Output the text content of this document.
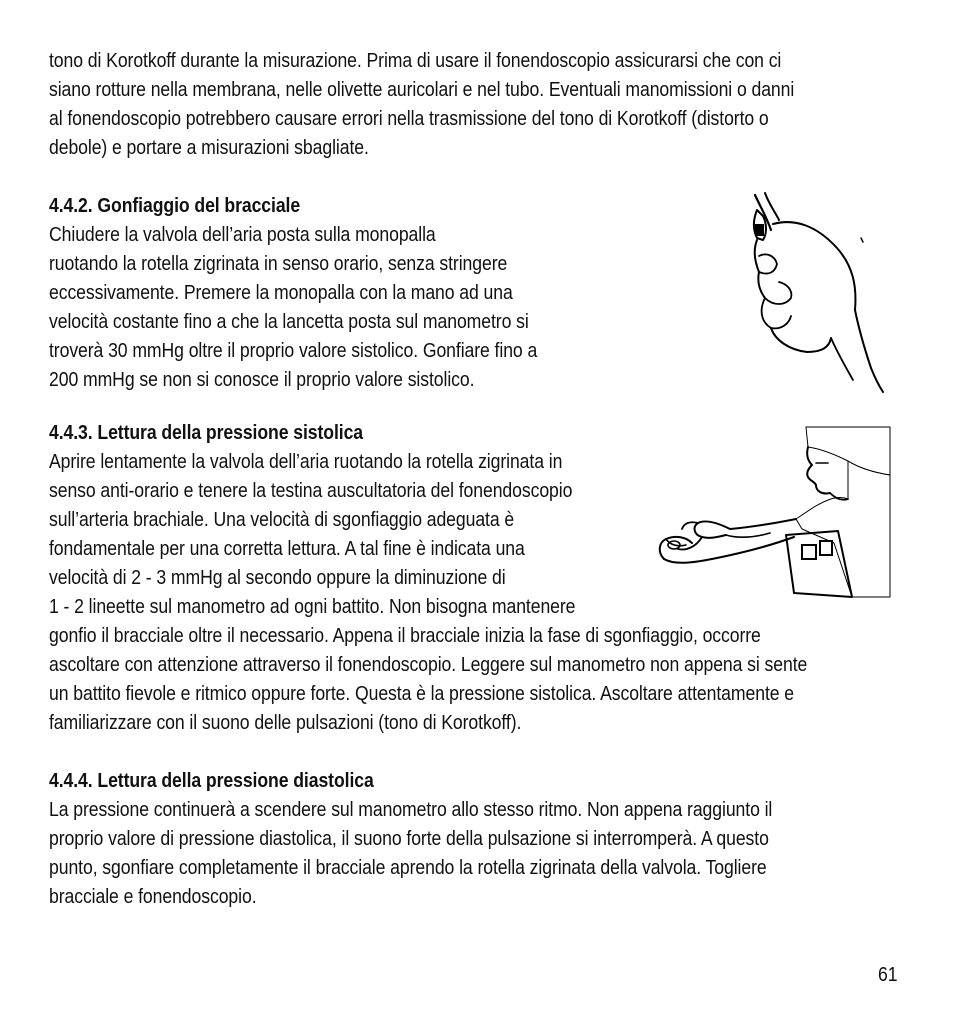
tono di Korotkoff durante la misurazione. Prima di usare il fonendoscopio assicurarsi che con ci
siano rotture nella membrana, nelle olivette auricolari e nel tubo. Eventuali manomissioni o danni
al fonendoscopio potrebbero causare errori nella trasmissione del tono di Korotkoff (distorto o
debole) e portare a misurazioni sbagliate.
4.4.2. Gonfiaggio del bracciale
Chiudere la valvola dell’aria posta sulla monopalla
ruotando la rotella zigrinata in senso orario, senza stringere
eccessivamente. Premere la monopalla con la mano ad una
velocità costante fino a che la lancetta posta sul manometro si
troverà 30 mmHg oltre il proprio valore sistolico. Gonfiare fino a
200 mmHg se non si conosce il proprio valore sistolico.
4.4.3. Lettura della pressione sistolica
Aprire lentamente la valvola dell’aria ruotando la rotella zigrinata in
senso anti-orario e tenere la testina auscultatoria del fonendoscopio
sull’arteria brachiale. Una velocità di sgonfiaggio adeguata è
fondamentale per una corretta lettura. A tal fine è indicata una
velocità di 2 - 3 mmHg al secondo oppure la diminuzione di
1 - 2 lineette sul manometro ad ogni battito. Non bisogna mantenere
gonfio il bracciale oltre il necessario. Appena il bracciale inizia la fase di sgonfiaggio, occorre
ascoltare con attenzione attraverso il fonendoscopio. Leggere sul manometro non appena si sente
un battito fievole e ritmico oppure forte. Questa è la pressione sistolica. Ascoltare attentamente e
familiarizzare con il suono delle pulsazioni (tono di Korotkoff).
4.4.4. Lettura della pressione diastolica
La pressione continuerà a scendere sul manometro allo stesso ritmo. Non appena raggiunto il
proprio valore di pressione diastolica, il suono forte della pulsazione si interromperà. A questo
punto, sgonfiare completamente il bracciale aprendo la rotella zigrinata della valvola. Togliere
bracciale e fonendoscopio.
61
